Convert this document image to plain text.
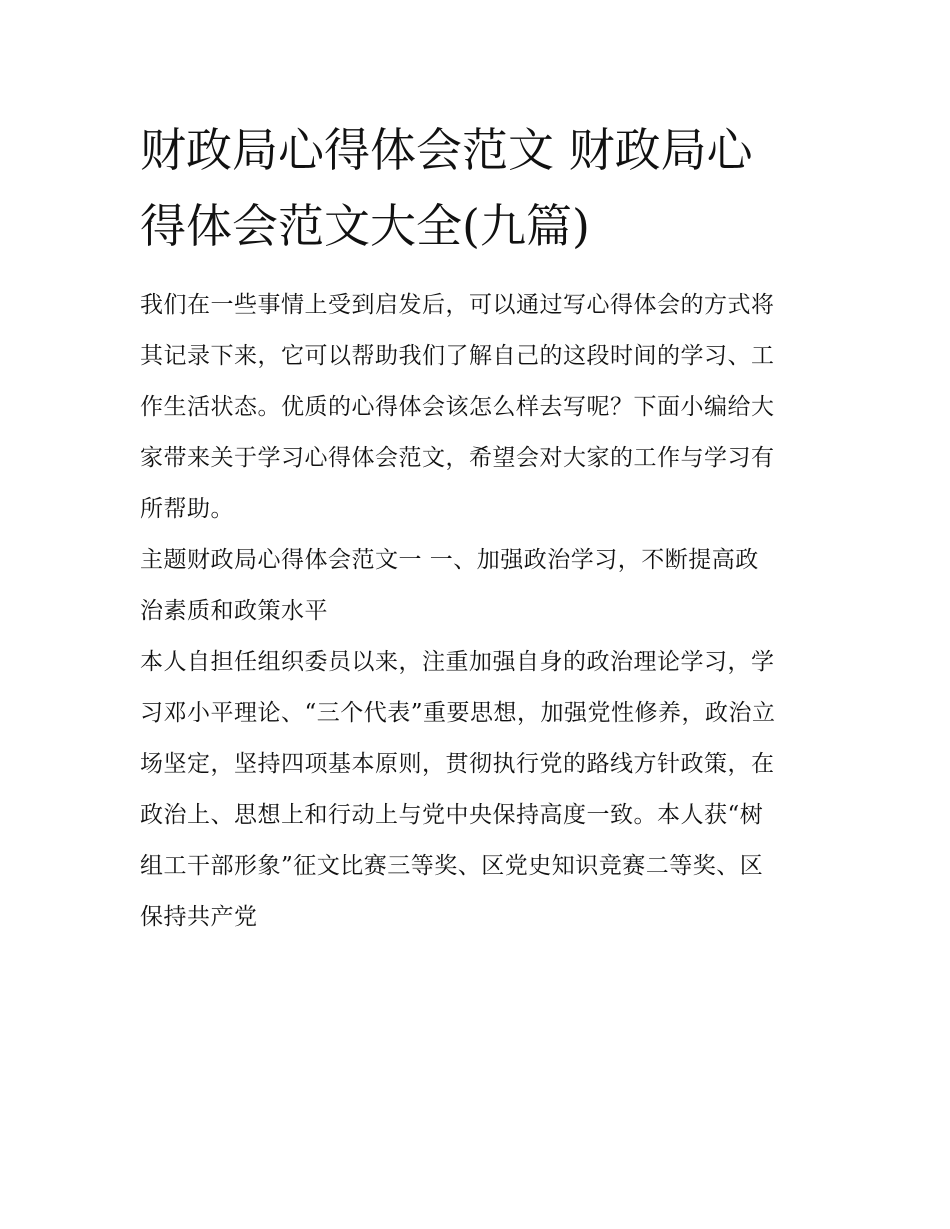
财政局心得体会范文 财政局心
得体会范文大全(九篇)
我们在一些事情上受到启发后，可以通过写心得体会的方式将
其记录下来，它可以帮助我们了解自己的这段时间的学习、工
作生活状态。优质的心得体会该怎么样去写呢？下面小编给大
家带来关于学习心得体会范文，希望会对大家的工作与学习有
所帮助。
主题财政局心得体会范文一 一、加强政治学习，不断提高政
治素质和政策水平
本人自担任组织委员以来，注重加强自身的政治理论学习，学
习邓小平理论、“三个代表”重要思想，加强党性修养，政治立
场坚定，坚持四项基本原则，贯彻执行党的路线方针政策，在
政治上、思想上和行动上与党中央保持高度一致。本人获“树
组工干部形象”征文比赛三等奖、区党史知识竞赛二等奖、区
保持共产党
